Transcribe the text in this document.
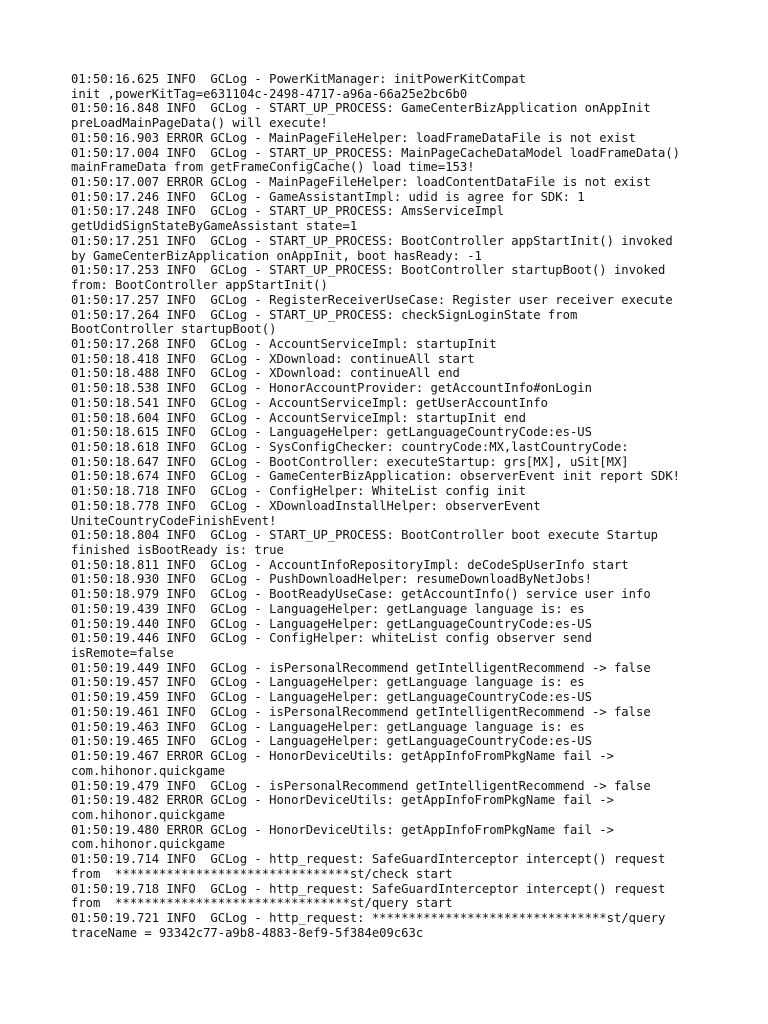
01:50:16.625 INFO  GCLog - PowerKitManager: initPowerKitCompat
init ,powerKitTag=e631104c-2498-4717-a96a-66a25e2bc6b0
01:50:16.848 INFO  GCLog - START_UP_PROCESS: GameCenterBizApplication onAppInit
preLoadMainPageData() will execute!
01:50:16.903 ERROR GCLog - MainPageFileHelper: loadFrameDataFile is not exist
01:50:17.004 INFO  GCLog - START_UP_PROCESS: MainPageCacheDataModel loadFrameData()
mainFrameData from getFrameConfigCache() load time=153!
01:50:17.007 ERROR GCLog - MainPageFileHelper: loadContentDataFile is not exist
01:50:17.246 INFO  GCLog - GameAssistantImpl: udid is agree for SDK: 1
01:50:17.248 INFO  GCLog - START_UP_PROCESS: AmsServiceImpl
getUdidSignStateByGameAssistant state=1
01:50:17.251 INFO  GCLog - START_UP_PROCESS: BootController appStartInit() invoked
by GameCenterBizApplication onAppInit, boot hasReady: -1
01:50:17.253 INFO  GCLog - START_UP_PROCESS: BootController startupBoot() invoked
from: BootController appStartInit()
01:50:17.257 INFO  GCLog - RegisterReceiverUseCase: Register user receiver execute
01:50:17.264 INFO  GCLog - START_UP_PROCESS: checkSignLoginState from
BootController startupBoot()
01:50:17.268 INFO  GCLog - AccountServiceImpl: startupInit
01:50:18.418 INFO  GCLog - XDownload: continueAll start
01:50:18.488 INFO  GCLog - XDownload: continueAll end
01:50:18.538 INFO  GCLog - HonorAccountProvider: getAccountInfo#onLogin
01:50:18.541 INFO  GCLog - AccountServiceImpl: getUserAccountInfo
01:50:18.604 INFO  GCLog - AccountServiceImpl: startupInit end
01:50:18.615 INFO  GCLog - LanguageHelper: getLanguageCountryCode:es-US
01:50:18.618 INFO  GCLog - SysConfigChecker: countryCode:MX,lastCountryCode:
01:50:18.647 INFO  GCLog - BootController: executeStartup: grs[MX], uSit[MX]
01:50:18.674 INFO  GCLog - GameCenterBizApplication: observerEvent init report SDK!
01:50:18.718 INFO  GCLog - ConfigHelper: WhiteList config init
01:50:18.778 INFO  GCLog - XDownloadInstallHelper: observerEvent
UniteCountryCodeFinishEvent!
01:50:18.804 INFO  GCLog - START_UP_PROCESS: BootController boot execute Startup
finished isBootReady is: true
01:50:18.811 INFO  GCLog - AccountInfoRepositoryImpl: deCodeSpUserInfo start
01:50:18.930 INFO  GCLog - PushDownloadHelper: resumeDownloadByNetJobs!
01:50:18.979 INFO  GCLog - BootReadyUseCase: getAccountInfo() service user info
01:50:19.439 INFO  GCLog - LanguageHelper: getLanguage language is: es
01:50:19.440 INFO  GCLog - LanguageHelper: getLanguageCountryCode:es-US
01:50:19.446 INFO  GCLog - ConfigHelper: whiteList config observer send
isRemote=false
01:50:19.449 INFO  GCLog - isPersonalRecommend getIntelligentRecommend -> false
01:50:19.457 INFO  GCLog - LanguageHelper: getLanguage language is: es
01:50:19.459 INFO  GCLog - LanguageHelper: getLanguageCountryCode:es-US
01:50:19.461 INFO  GCLog - isPersonalRecommend getIntelligentRecommend -> false
01:50:19.463 INFO  GCLog - LanguageHelper: getLanguage language is: es
01:50:19.465 INFO  GCLog - LanguageHelper: getLanguageCountryCode:es-US
01:50:19.467 ERROR GCLog - HonorDeviceUtils: getAppInfoFromPkgName fail ->
com.hihonor.quickgame
01:50:19.479 INFO  GCLog - isPersonalRecommend getIntelligentRecommend -> false
01:50:19.482 ERROR GCLog - HonorDeviceUtils: getAppInfoFromPkgName fail ->
com.hihonor.quickgame
01:50:19.480 ERROR GCLog - HonorDeviceUtils: getAppInfoFromPkgName fail ->
com.hihonor.quickgame
01:50:19.714 INFO  GCLog - http_request: SafeGuardInterceptor intercept() request
from  ********************************st/check start
01:50:19.718 INFO  GCLog - http_request: SafeGuardInterceptor intercept() request
from  ********************************st/query start
01:50:19.721 INFO  GCLog - http_request: ********************************st/query
traceName = 93342c77-a9b8-4883-8ef9-5f384e09c63c
